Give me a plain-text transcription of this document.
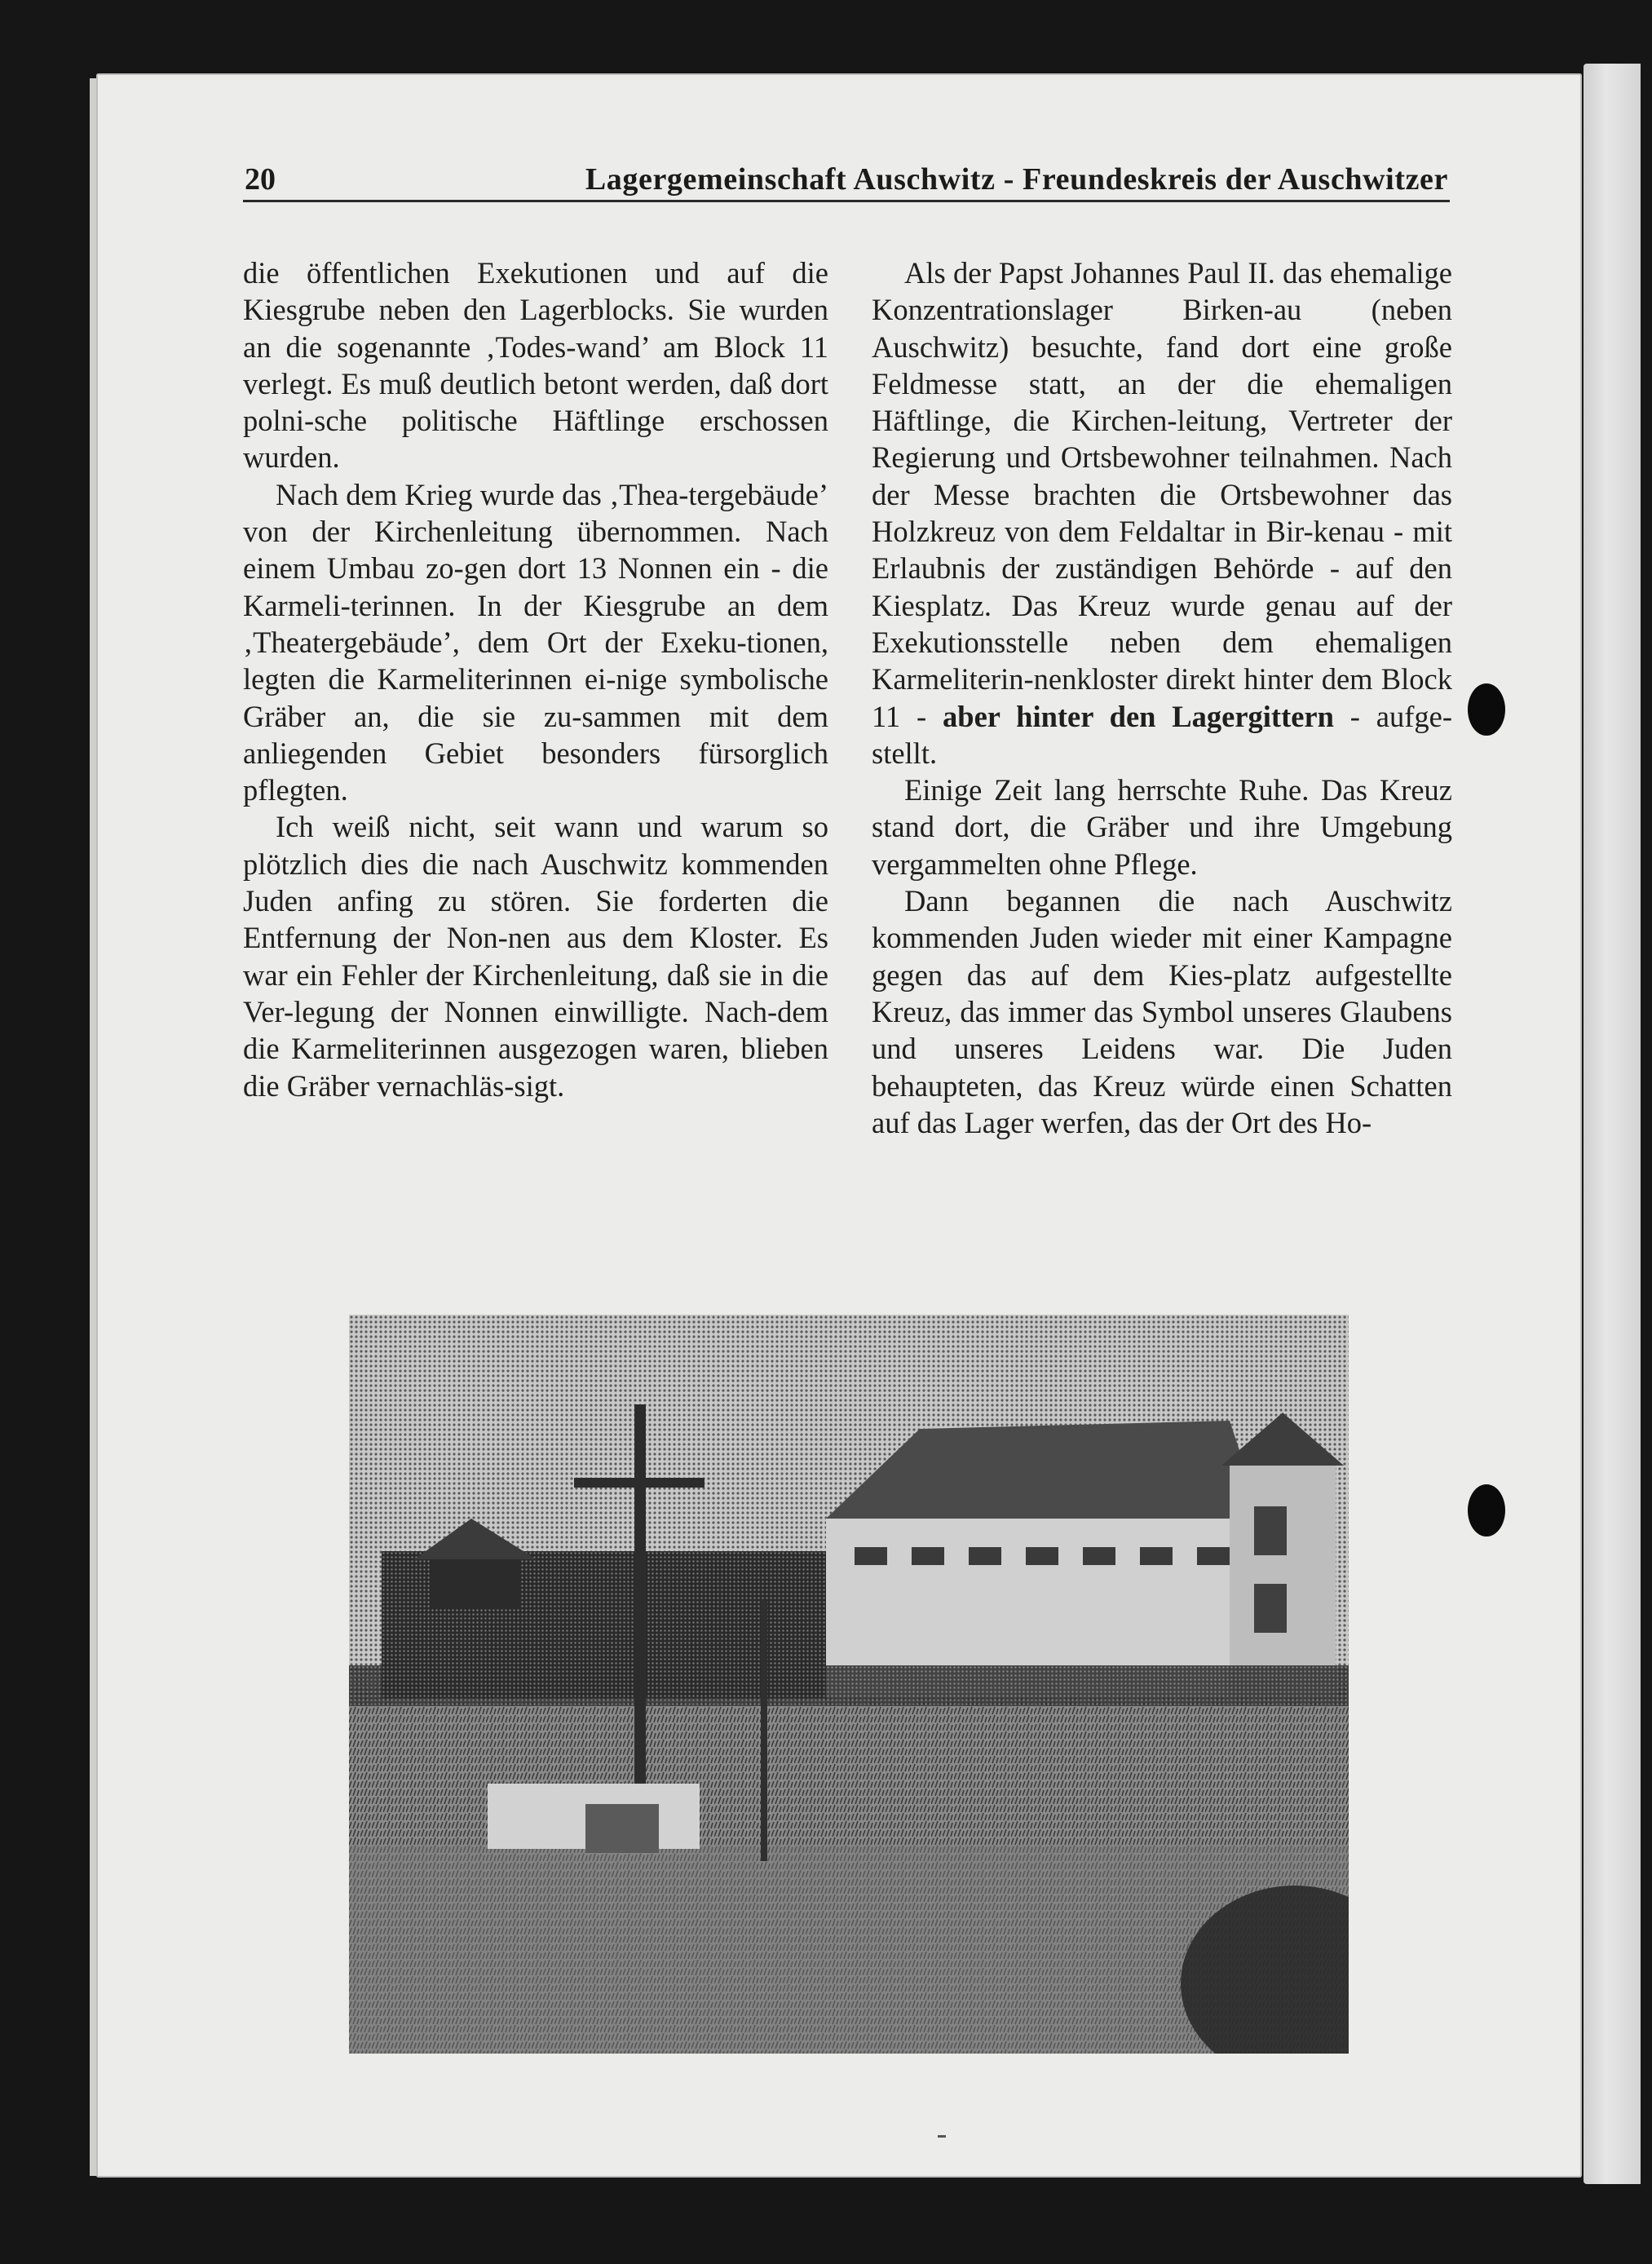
20	Lagergemeinschaft Auschwitz - Freundeskreis der Auschwitzer

die öffentlichen Exekutionen und auf die Kiesgrube neben den Lagerblocks. Sie wurden an die sogenannte ‚Todes-wand’ am Block 11 verlegt. Es muß deutlich betont werden, daß dort polni-sche politische Häftlinge erschossen wurden.

Nach dem Krieg wurde das ‚Thea-tergebäude’ von der Kirchenleitung übernommen. Nach einem Umbau zo-gen dort 13 Nonnen ein - die Karmeli-terinnen. In der Kiesgrube an dem ‚Theatergebäude’, dem Ort der Exeku-tionen, legten die Karmeliterinnen ei-nige symbolische Gräber an, die sie zu-sammen mit dem anliegenden Gebiet besonders fürsorglich pflegten.

Ich weiß nicht, seit wann und warum so plötzlich dies die nach Auschwitz kommenden Juden anfing zu stören. Sie forderten die Entfernung der Non-nen aus dem Kloster. Es war ein Fehler der Kirchenleitung, daß sie in die Ver-legung der Nonnen einwilligte. Nach-dem die Karmeliterinnen ausgezogen waren, blieben die Gräber vernachläs-sigt.

Als der Papst Johannes Paul II. das ehemalige Konzentrationslager Birken-au (neben Auschwitz) besuchte, fand dort eine große Feldmesse statt, an der die ehemaligen Häftlinge, die Kirchen-leitung, Vertreter der Regierung und Ortsbewohner teilnahmen. Nach der Messe brachten die Ortsbewohner das Holzkreuz von dem Feldaltar in Bir-kenau - mit Erlaubnis der zuständigen Behörde - auf den Kiesplatz. Das Kreuz wurde genau auf der Exekutionsstelle neben dem ehemaligen Karmeliterin-nenkloster direkt hinter dem Block 11 - aber hinter den Lagergittern - aufge-stellt.

Einige Zeit lang herrschte Ruhe. Das Kreuz stand dort, die Gräber und ihre Umgebung vergammelten ohne Pflege.

Dann begannen die nach Auschwitz kommenden Juden wieder mit einer Kampagne gegen das auf dem Kies-platz aufgestellte Kreuz, das immer das Symbol unseres Glaubens und unseres Leidens war. Die Juden behaupteten, das Kreuz würde einen Schatten auf das Lager werfen, das der Ort des Ho-
